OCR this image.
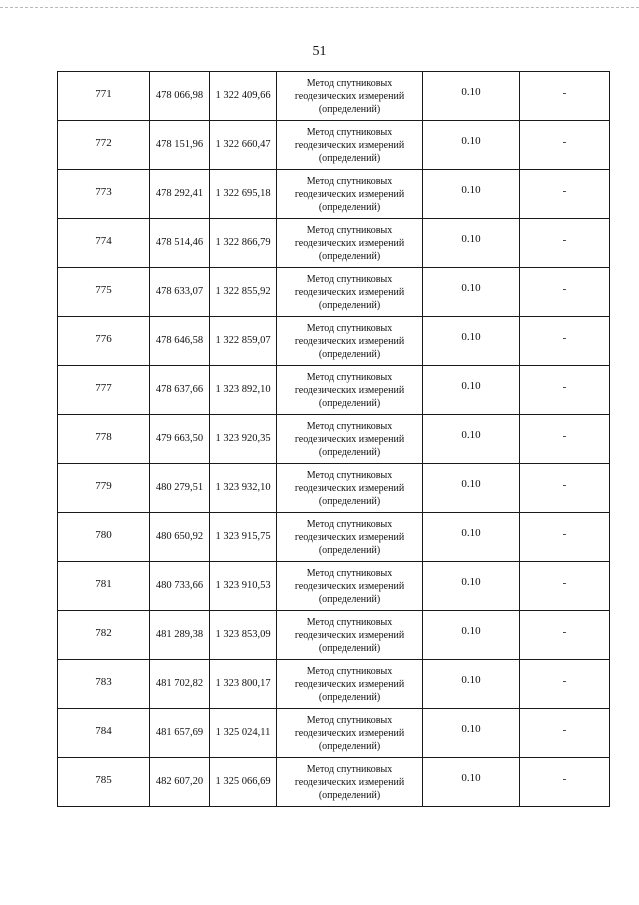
51
771	478 066,98	1 322 409,66	Метод спутниковых
геодезических измерений
(определений)	0.10	-
772	478 151,96	1 322 660,47	Метод спутниковых
геодезических измерений
(определений)	0.10	-
773	478 292,41	1 322 695,18	Метод спутниковых
геодезических измерений
(определений)	0.10	-
774	478 514,46	1 322 866,79	Метод спутниковых
геодезических измерений
(определений)	0.10	-
775	478 633,07	1 322 855,92	Метод спутниковых
геодезических измерений
(определений)	0.10	-
776	478 646,58	1 322 859,07	Метод спутниковых
геодезических измерений
(определений)	0.10	-
777	478 637,66	1 323 892,10	Метод спутниковых
геодезических измерений
(определений)	0.10	-
778	479 663,50	1 323 920,35	Метод спутниковых
геодезических измерений
(определений)	0.10	-
779	480 279,51	1 323 932,10	Метод спутниковых
геодезических измерений
(определений)	0.10	-
780	480 650,92	1 323 915,75	Метод спутниковых
геодезических измерений
(определений)	0.10	-
781	480 733,66	1 323 910,53	Метод спутниковых
геодезических измерений
(определений)	0.10	-
782	481 289,38	1 323 853,09	Метод спутниковых
геодезических измерений
(определений)	0.10	-
783	481 702,82	1 323 800,17	Метод спутниковых
геодезических измерений
(определений)	0.10	-
784	481 657,69	1 325 024,11	Метод спутниковых
геодезических измерений
(определений)	0.10	-
785	482 607,20	1 325 066,69	Метод спутниковых
геодезических измерений
(определений)	0.10	-
